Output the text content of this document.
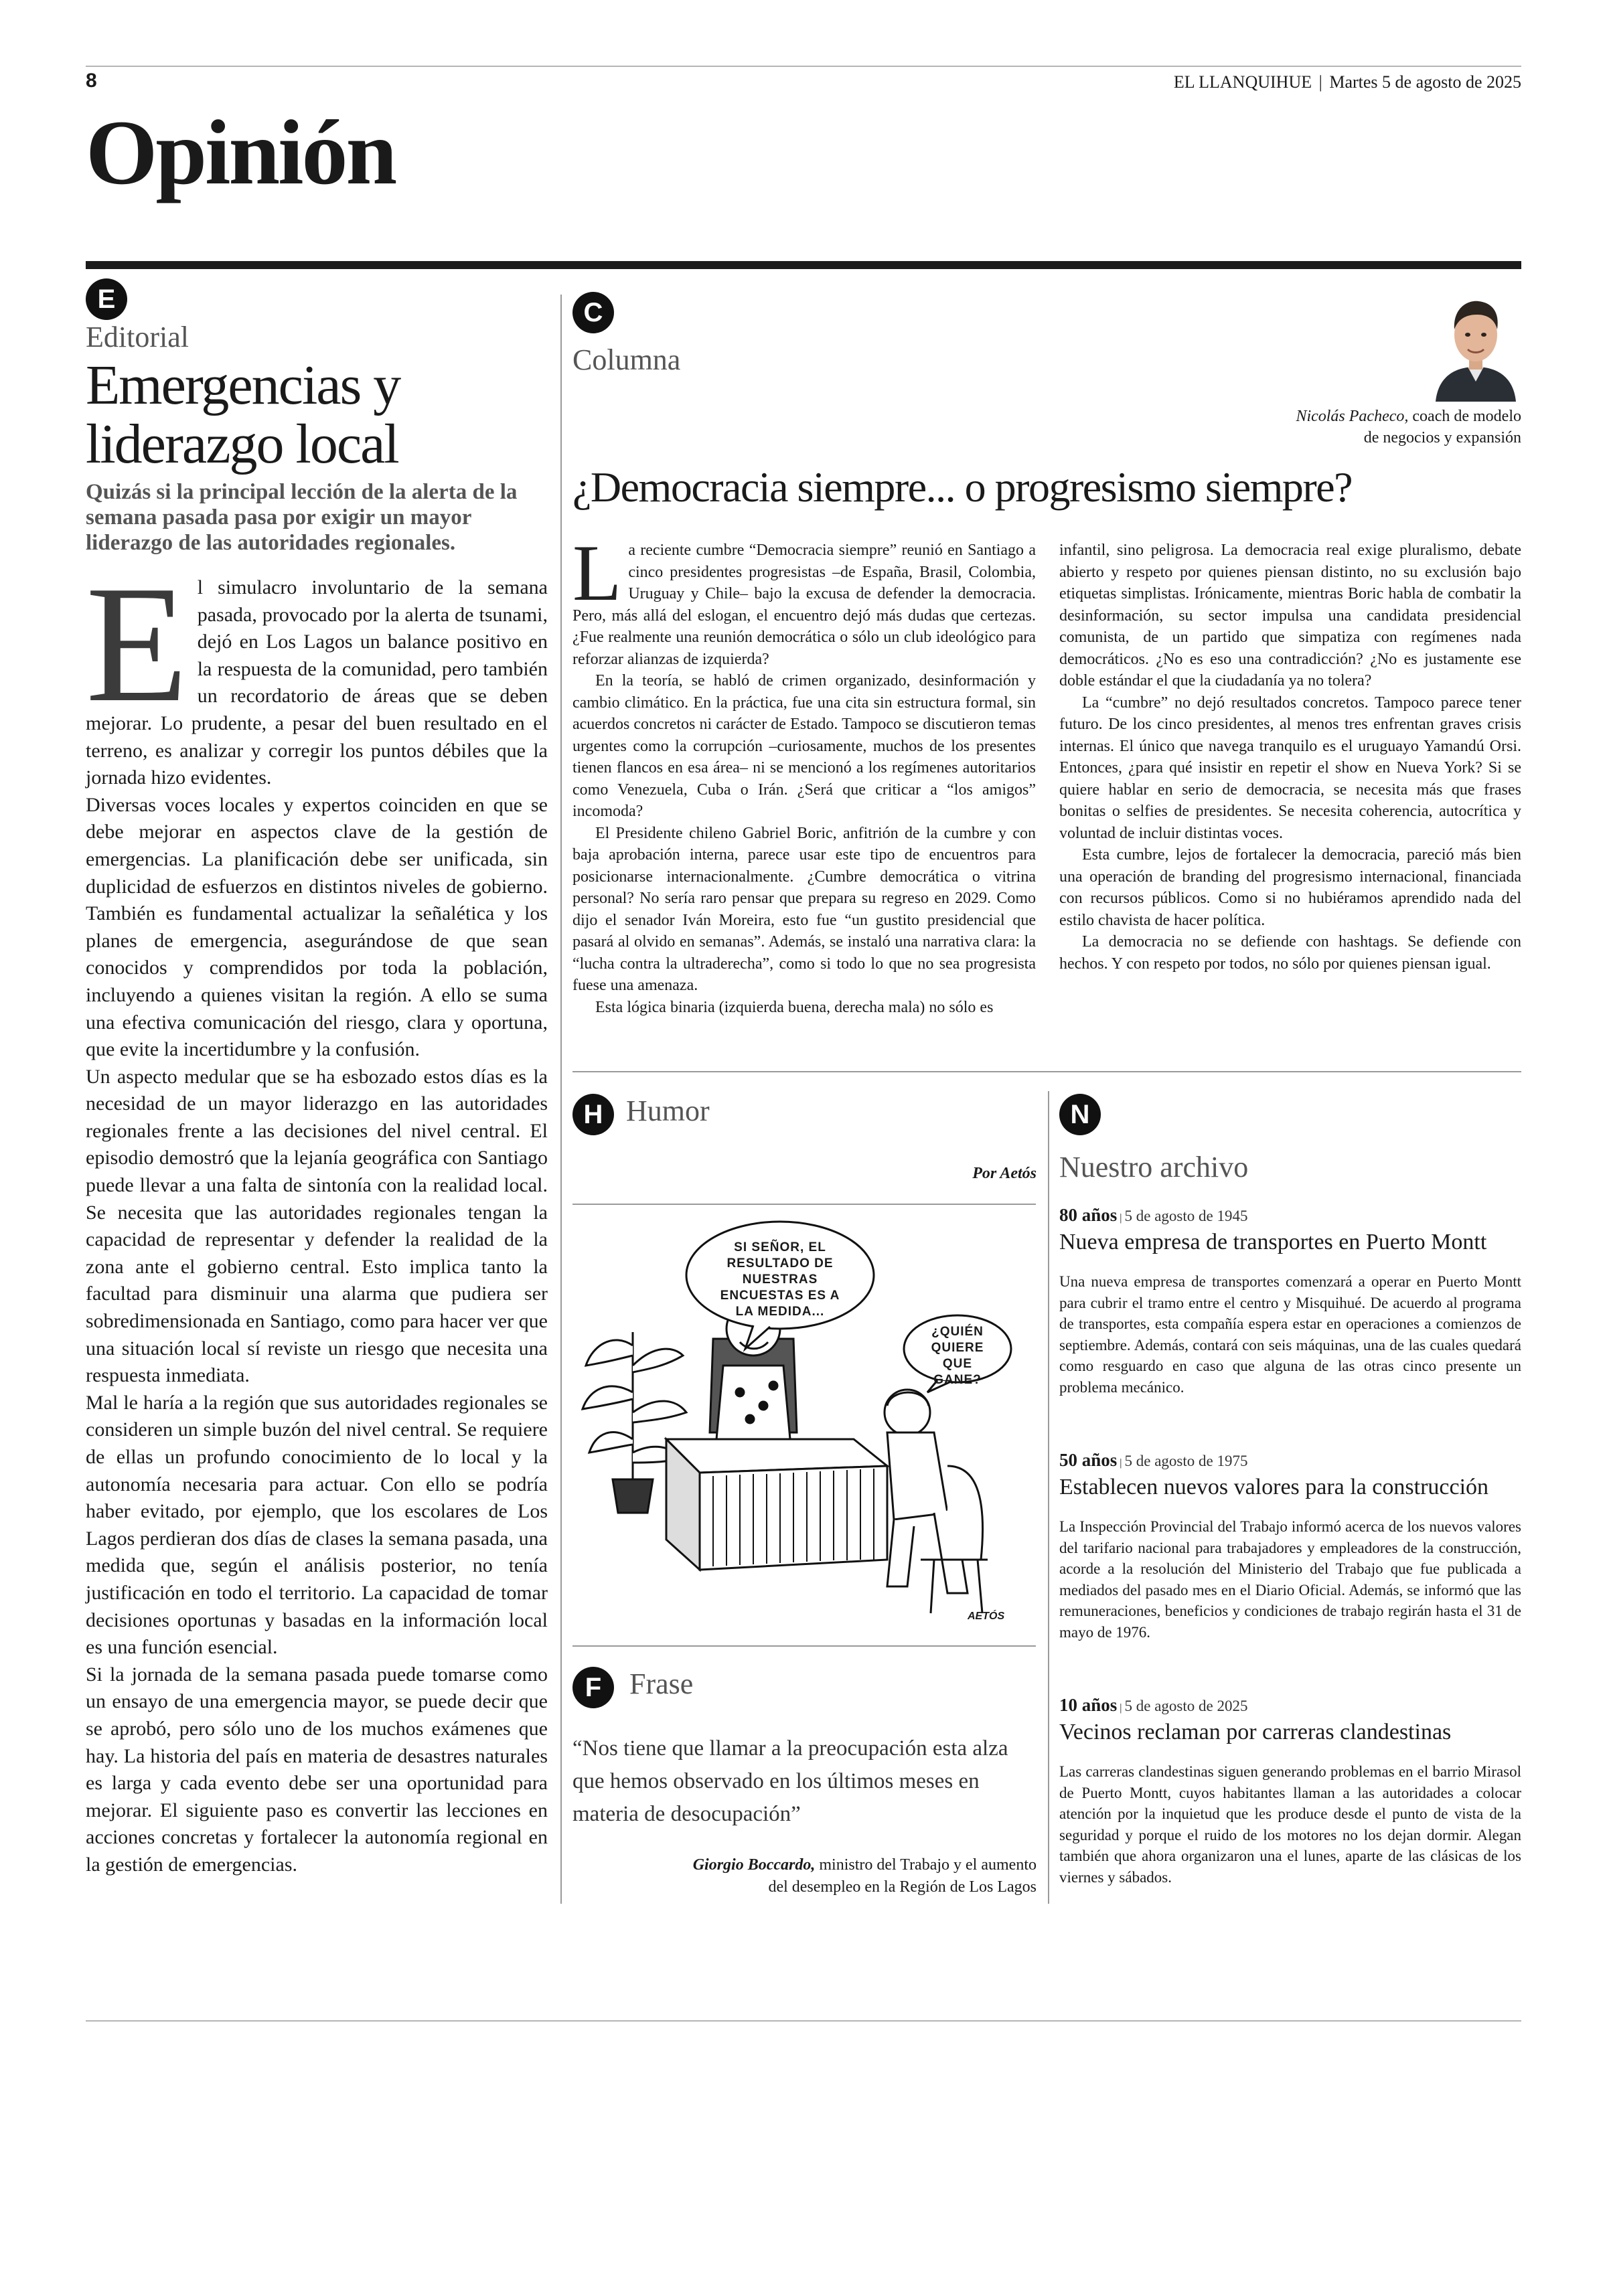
8	EL LLANQUIHUE | Martes 5 de agosto de 2025
Opinión
E
Editorial
Emergencias y liderazgo local
Quizás si la principal lección de la alerta de la semana pasada pasa por exigir un mayor liderazgo de las autoridades regionales.
E l simulacro involuntario de la semana pasada, provocado por la alerta de tsunami, dejó en Los Lagos un balance positivo en la respuesta de la comunidad, pero también un recordatorio de áreas que se deben mejorar. Lo prudente, a pesar del buen resultado en el terreno, es analizar y corregir los puntos débiles que la jornada hizo evidentes.

Diversas voces locales y expertos coinciden en que se debe mejorar en aspectos clave de la gestión de emergencias. La planificación debe ser unificada, sin duplicidad de esfuerzos en distintos niveles de gobierno. También es fundamental actualizar la señalética y los planes de emergencia, asegurándose de que sean conocidos y comprendidos por toda la población, incluyendo a quienes visitan la región. A ello se suma una efectiva comunicación del riesgo, clara y oportuna, que evite la incertidumbre y la confusión.

Un aspecto medular que se ha esbozado estos días es la necesidad de un mayor liderazgo en las autoridades regionales frente a las decisiones del nivel central. El episodio demostró que la lejanía geográfica con Santiago puede llevar a una falta de sintonía con la realidad local. Se necesita que las autoridades regionales tengan la capacidad de representar y defender la realidad de la zona ante el gobierno central. Esto implica tanto la facultad para disminuir una alarma que pudiera ser sobredimensionada en Santiago, como para hacer ver que una situación local sí reviste un riesgo que necesita una respuesta inmediata.

Mal le haría a la región que sus autoridades regionales se consideren un simple buzón del nivel central. Se requiere de ellas un profundo conocimiento de lo local y la autonomía necesaria para actuar. Con ello se podría haber evitado, por ejemplo, que los escolares de Los Lagos perdieran dos días de clases la semana pasada, una medida que, según el análisis posterior, no tenía justificación en todo el territorio. La capacidad de tomar decisiones oportunas y basadas en la información local es una función esencial.

Si la jornada de la semana pasada puede tomarse como un ensayo de una emergencia mayor, se puede decir que se aprobó, pero sólo uno de los muchos exámenes que hay. La historia del país en materia de desastres naturales es larga y cada evento debe ser una oportunidad para mejorar. El siguiente paso es convertir las lecciones en acciones concretas y fortalecer la autonomía regional en la gestión de emergencias.

C
Columna
Nicolás Pacheco, coach de modelo
de negocios y expansión
¿Democracia siempre... o progresismo siempre?
L a reciente cumbre “Democracia siempre” reunió en Santiago a cinco presidentes progresistas –de España, Brasil, Colombia, Uruguay y Chile– bajo la excusa de defender la democracia. Pero, más allá del eslogan, el encuentro dejó más dudas que certezas. ¿Fue realmente una reunión democrática o sólo un club ideológico para reforzar alianzas de izquierda?

En la teoría, se habló de crimen organizado, desinformación y cambio climático. En la práctica, fue una cita sin estructura formal, sin acuerdos concretos ni carácter de Estado. Tampoco se discutieron temas urgentes como la corrupción –curiosamente, muchos de los presentes tienen flancos en esa área– ni se mencionó a los regímenes autoritarios como Venezuela, Cuba o Irán. ¿Será que criticar a “los amigos” incomoda?

El Presidente chileno Gabriel Boric, anfitrión de la cumbre y con baja aprobación interna, parece usar este tipo de encuentros para posicionarse internacionalmente. ¿Cumbre democrática o vitrina personal? No sería raro pensar que prepara su regreso en 2029. Como dijo el senador Iván Moreira, esto fue “un gustito presidencial que pasará al olvido en semanas”. Además, se instaló una narrativa clara: la “lucha contra la ultraderecha”, como si todo lo que no sea progresista fuese una amenaza.

Esta lógica binaria (izquierda buena, derecha mala) no sólo es

infantil, sino peligrosa. La democracia real exige pluralismo, debate abierto y respeto por quienes piensan distinto, no su exclusión bajo etiquetas simplistas. Irónicamente, mientras Boric habla de combatir la desinformación, su sector impulsa una candidata presidencial comunista, de un partido que simpatiza con regímenes nada democráticos. ¿No es eso una contradicción? ¿No es justamente ese doble estándar el que la ciudadanía ya no tolera?

La “cumbre” no dejó resultados concretos. Tampoco parece tener futuro. De los cinco presidentes, al menos tres enfrentan graves crisis internas. El único que navega tranquilo es el uruguayo Yamandú Orsi. Entonces, ¿para qué insistir en repetir el show en Nueva York? Si se quiere hablar en serio de democracia, se necesita más que frases bonitas o selfies de presidentes. Se necesita coherencia, autocrítica y voluntad de incluir distintas voces.

Esta cumbre, lejos de fortalecer la democracia, pareció más bien una operación de branding del progresismo internacional, financiada con recursos públicos. Como si no hubiéramos aprendido nada del estilo chavista de hacer política.

La democracia no se defiende con hashtags. Se defiende con hechos. Y con respeto por todos, no sólo por quienes piensan igual.

H Humor
Por Aetós
SI SEÑOR, EL RESULTADO DE NUESTRAS ENCUESTAS ES A LA MEDIDA...
¿QUIÉN QUIERE QUE GANE?
AETÓS
F Frase
“Nos tiene que llamar a la preocupación esta alza que hemos observado en los últimos meses en materia de desocupación”
Giorgio Boccardo, ministro del Trabajo y el aumento
del desempleo en la Región de Los Lagos
N
Nuestro archivo
80 años | 5 de agosto de 1945
Nueva empresa de transportes en Puerto Montt
Una nueva empresa de transportes comenzará a operar en Puerto Montt para cubrir el tramo entre el centro y Misquihué. De acuerdo al programa de transportes, esta compañía espera estar en operaciones a comienzos de septiembre. Además, contará con seis máquinas, una de las cuales quedará como resguardo en caso que alguna de las otras cinco presente un problema mecánico.
50 años | 5 de agosto de 1975
Establecen nuevos valores para la construcción
La Inspección Provincial del Trabajo informó acerca de los nuevos valores del tarifario nacional para trabajadores y empleadores de la construcción, acorde a la resolución del Ministerio del Trabajo que fue publicada a mediados del pasado mes en el Diario Oficial. Además, se informó que las remuneraciones, beneficios y condiciones de trabajo regirán hasta el 31 de mayo de 1976.
10 años | 5 de agosto de 2025
Vecinos reclaman por carreras clandestinas
Las carreras clandestinas siguen generando problemas en el barrio Mirasol de Puerto Montt, cuyos habitantes llaman a las autoridades a colocar atención por la inquietud que les produce desde el punto de vista de la seguridad y porque el ruido de los motores no los dejan dormir. Alegan también que ahora organizaron una el lunes, aparte de las clásicas de los viernes y sábados.
